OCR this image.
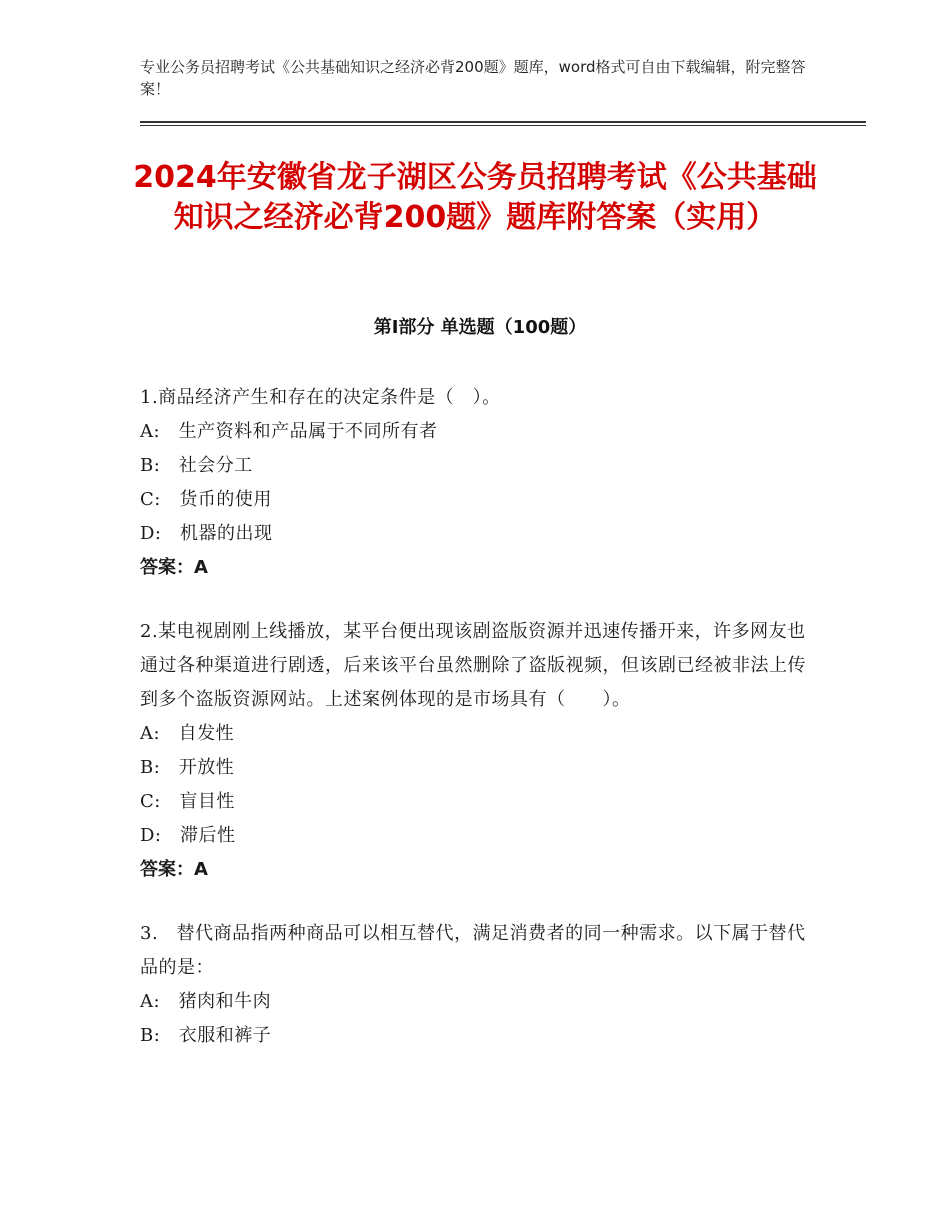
专业公务员招聘考试《公共基础知识之经济必背200题》题库，word格式可自由下载编辑，附完整答案！
2024年安徽省龙子湖区公务员招聘考试《公共基础知识之经济必背200题》题库附答案（实用）
第Ⅰ部分 单选题（100题）

1.商品经济产生和存在的决定条件是（　）。

A:　生产资料和产品属于不同所有者

B:　社会分工

C:　货币的使用

D:　机器的出现

答案：A

2.某电视剧刚上线播放，某平台便出现该剧盗版资源并迅速传播开来，许多网友也通过各种渠道进行剧透，后来该平台虽然删除了盗版视频，但该剧已经被非法上传到多个盗版资源网站。上述案例体现的是市场具有（　　）。

A:　自发性

B:　开放性

C:　盲目性

D:　滞后性

答案：A

3.　替代商品指两种商品可以相互替代，满足消费者的同一种需求。以下属于替代品的是：

A:　猪肉和牛肉

B:　衣服和裤子
